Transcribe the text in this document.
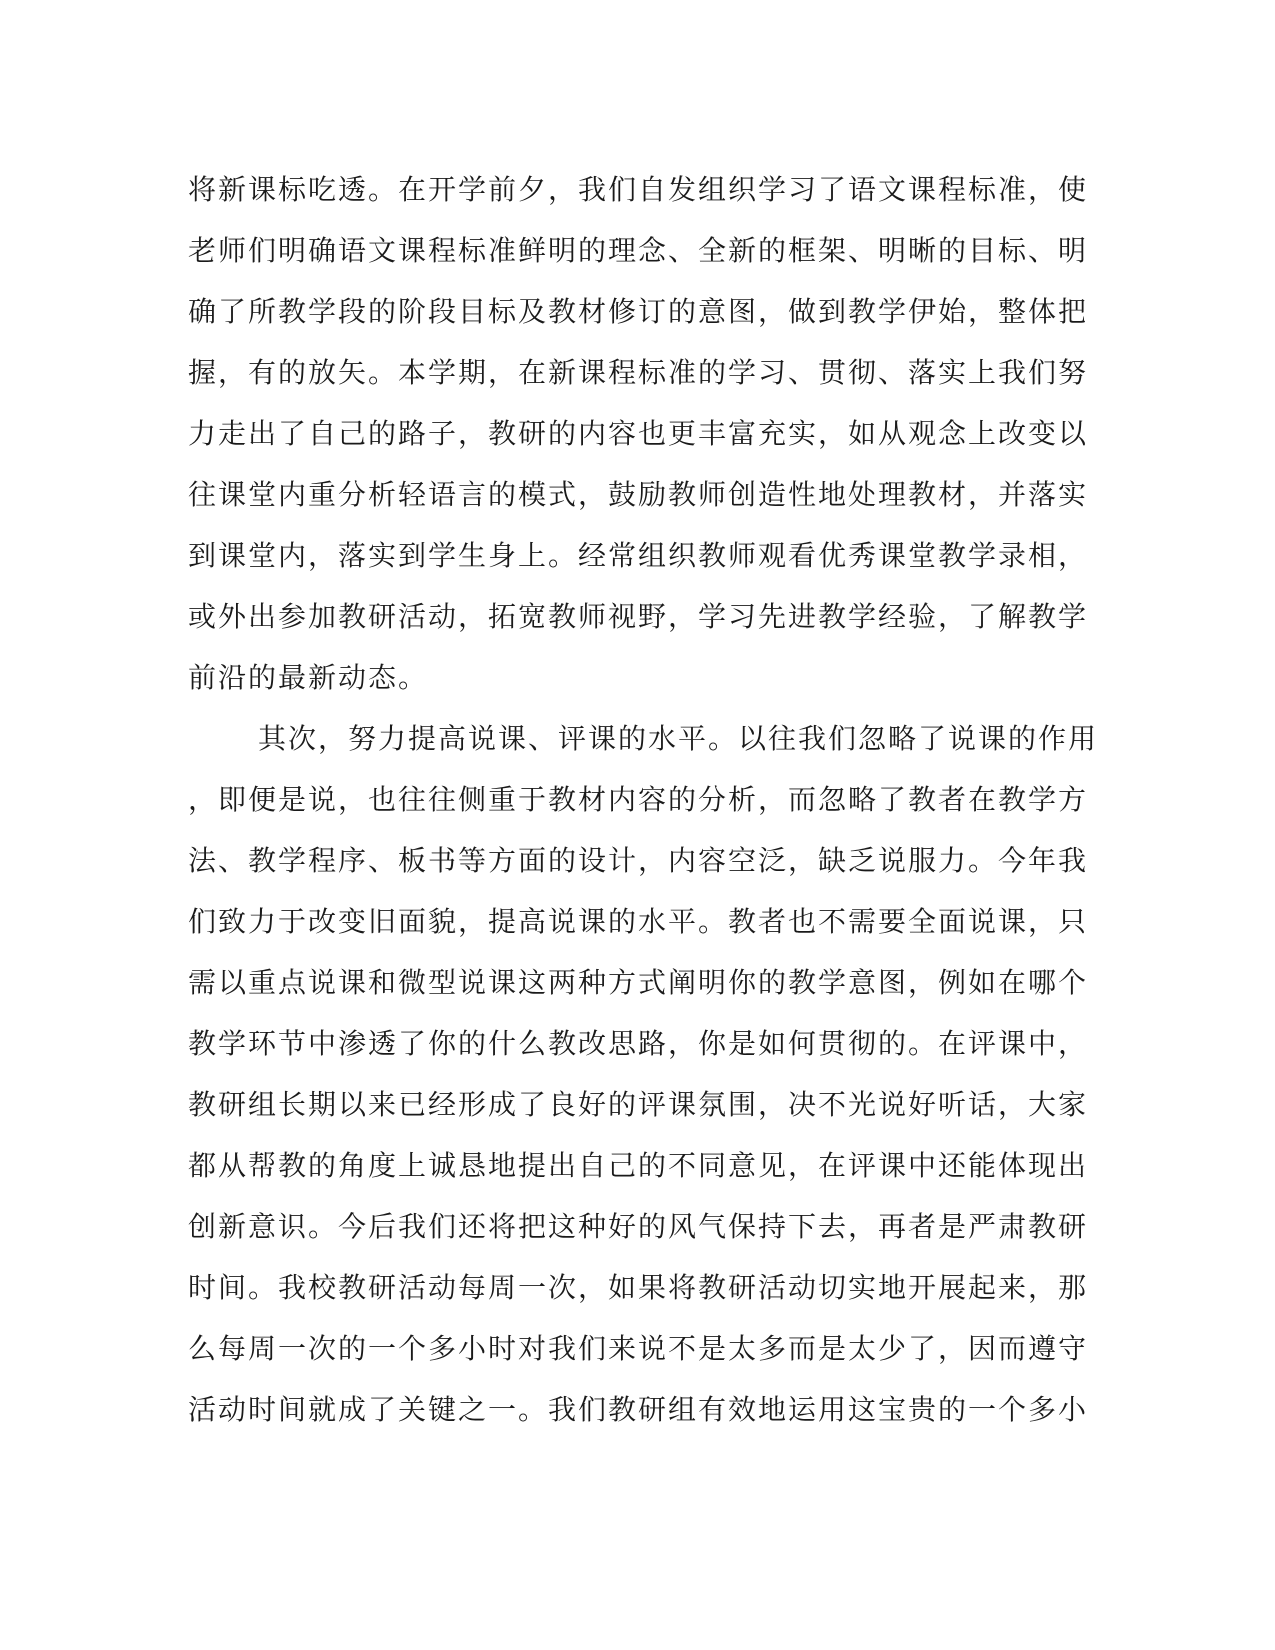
将新课标吃透。在开学前夕，我们自发组织学习了语文课程标准，使
老师们明确语文课程标准鲜明的理念、全新的框架、明晰的目标、明
确了所教学段的阶段目标及教材修订的意图，做到教学伊始，整体把
握，有的放矢。本学期，在新课程标准的学习、贯彻、落实上我们努
力走出了自己的路子，教研的内容也更丰富充实，如从观念上改变以
往课堂内重分析轻语言的模式，鼓励教师创造性地处理教材，并落实
到课堂内，落实到学生身上。经常组织教师观看优秀课堂教学录相，
或外出参加教研活动，拓宽教师视野，学习先进教学经验，了解教学
前沿的最新动态。
其次，努力提高说课、评课的水平。以往我们忽略了说课的作用
，即便是说，也往往侧重于教材内容的分析，而忽略了教者在教学方
法、教学程序、板书等方面的设计，内容空泛，缺乏说服力。今年我
们致力于改变旧面貌，提高说课的水平。教者也不需要全面说课，只
需以重点说课和微型说课这两种方式阐明你的教学意图，例如在哪个
教学环节中渗透了你的什么教改思路，你是如何贯彻的。在评课中，
教研组长期以来已经形成了良好的评课氛围，决不光说好听话，大家
都从帮教的角度上诚恳地提出自己的不同意见，在评课中还能体现出
创新意识。今后我们还将把这种好的风气保持下去，再者是严肃教研
时间。我校教研活动每周一次，如果将教研活动切实地开展起来，那
么每周一次的一个多小时对我们来说不是太多而是太少了，因而遵守
活动时间就成了关键之一。我们教研组有效地运用这宝贵的一个多小
